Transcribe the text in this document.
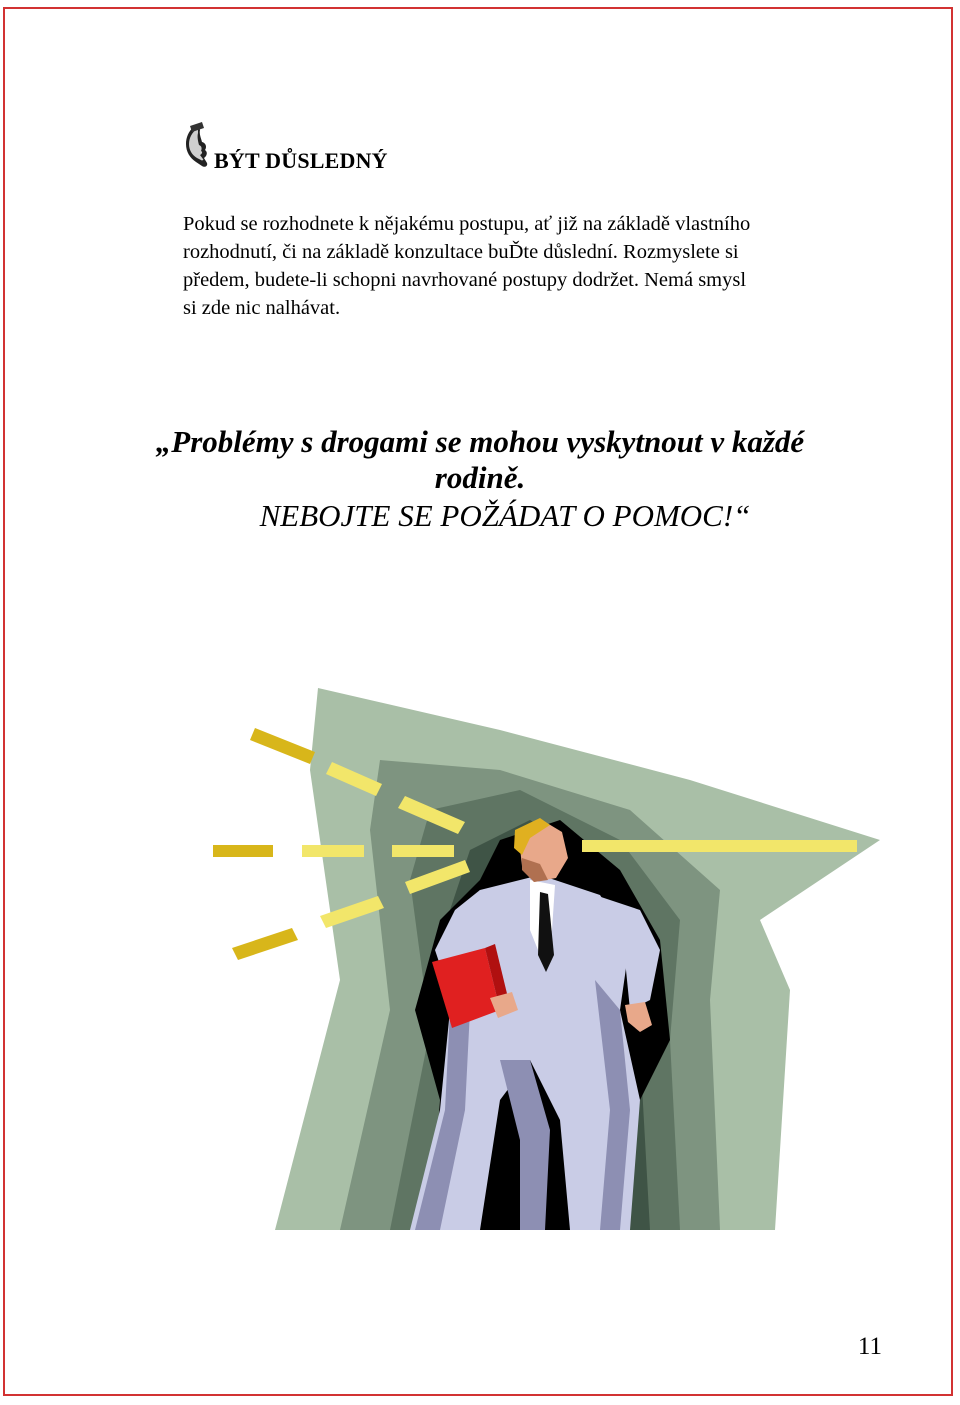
BÝT DŮSLEDNÝ
Pokud se rozhodnete k nějakému postupu, ať již na základě vlastního
rozhodnutí, či na základě konzultace buĎte důslední. Rozmyslete si
předem, budete-li schopni navrhované postupy dodržet. Nemá smysl
si zde nic nalhávat.
„Problémy s drogami se mohou vyskytnout v každé
rodině.
NEBOJTE SE POŽÁDAT O POMOC!“
11
